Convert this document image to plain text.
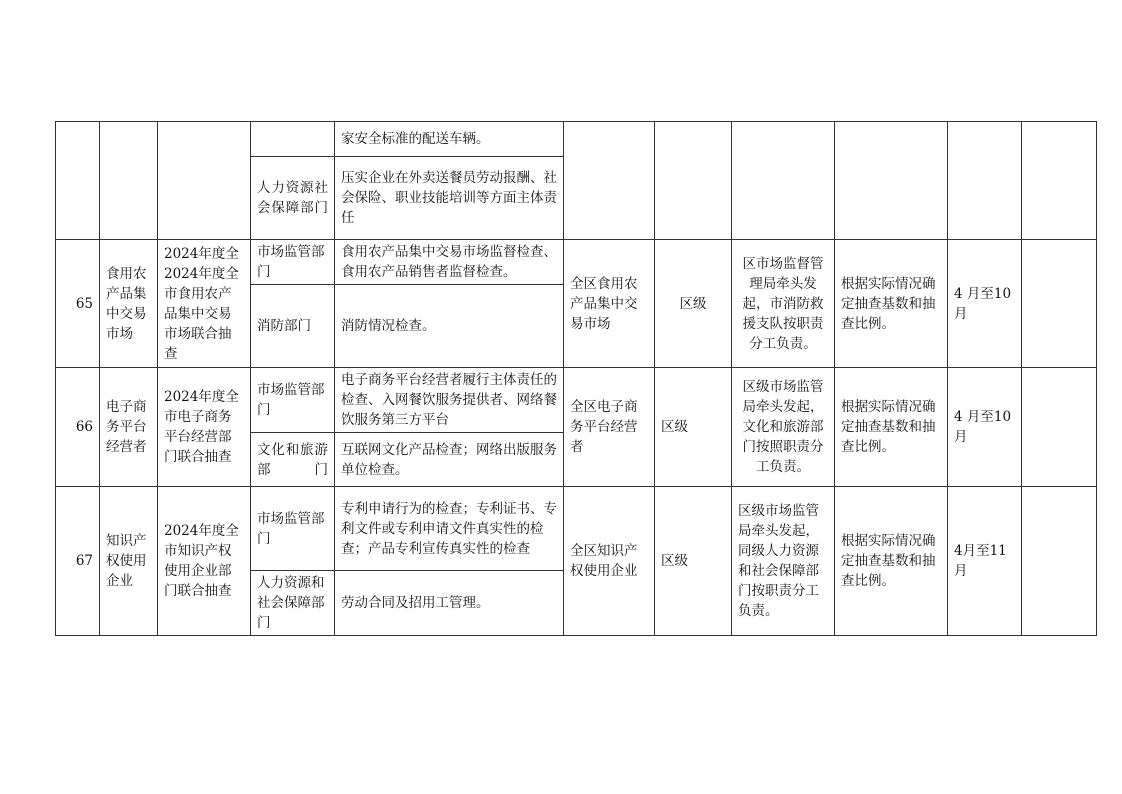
				家安全标准的配送车辆。						
			人力资源社会保障部门	压实企业在外卖送餐员劳动报酬、社会保险、职业技能培训等方面主体责任						
65	食用农产品集中交易市场	2024年度全2024年度全市食用农产品集中交易市场联合抽查	市场监管部门	食用农产品集中交易市场监督检查、食用农产品销售者监督检查。	全区食用农产品集中交易市场	区级	区市场监督管理局牵头发起，市消防救援支队按职责分工负责。	根据实际情况确定抽查基数和抽查比例。	4 月至10月	
			消防部门	消防情况检查。						
66	电子商务平台经营者	2024年度全市电子商务平台经营部门联合抽查	市场监管部门	电子商务平台经营者履行主体责任的检查、入网餐饮服务提供者、网络餐饮服务第三方平台	全区电子商务平台经营者	区级	区级市场监管局牵头发起，文化和旅游部门按照职责分工负责。	根据实际情况确定抽查基数和抽查比例。	4 月至10月	
			文化和旅游部门	互联网文化产品检查；网络出版服务单位检查。						
67	知识产权使用企业	2024年度全市知识产权使用企业部门联合抽查	市场监管部门	专利申请行为的检查；专利证书、专利文件或专利申请文件真实性的检查；产品专利宣传真实性的检查	全区知识产权使用企业	区级	区级市场监管局牵头发起，同级人力资源和社会保障部门按职责分工负责。	根据实际情况确定抽查基数和抽查比例。	4月至11月	
			人力资源和社会保障部门	劳动合同及招用工管理。						
